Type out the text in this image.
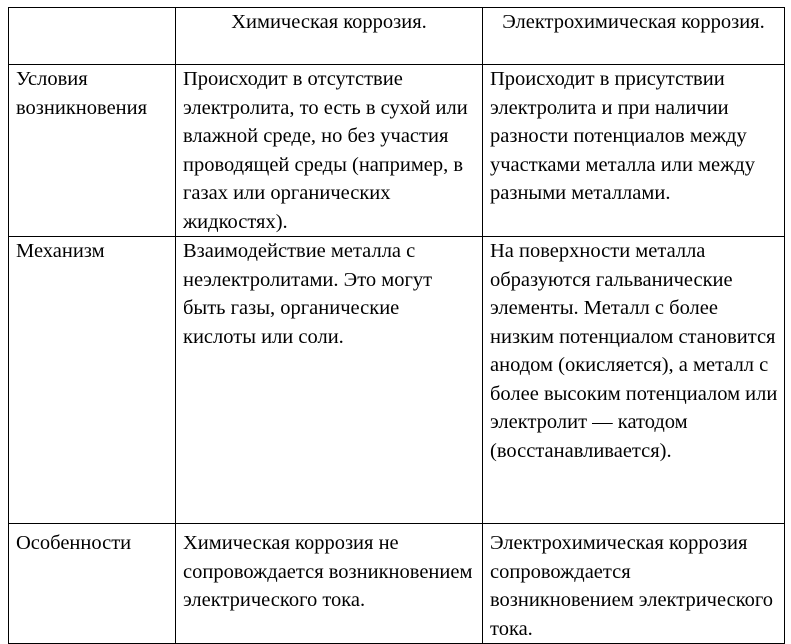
	Химическая коррозия.	Электрохимическая коррозия.
Условия возникновения	Происходит в отсутствие электролита, то есть в сухой или влажной среде, но без участия проводящей среды (например, в газах или органических жидкостях).	Происходит в присутствии электролита и при наличии разности потенциалов между участками металла или между разными металлами.
Механизм	Взаимодействие металла с неэлектролитами. Это могут быть газы, органические кислоты или соли.	На поверхности металла образуются гальванические элементы. Металл с более низким потенциалом становится анодом (окисляется), а металл с более высоким потенциалом или электролит — катодом (восстанавливается).
Особенности	Химическая коррозия не сопровождается возникновением электрического тока.	Электрохимическая коррозия сопровождается возникновением электрического тока.
